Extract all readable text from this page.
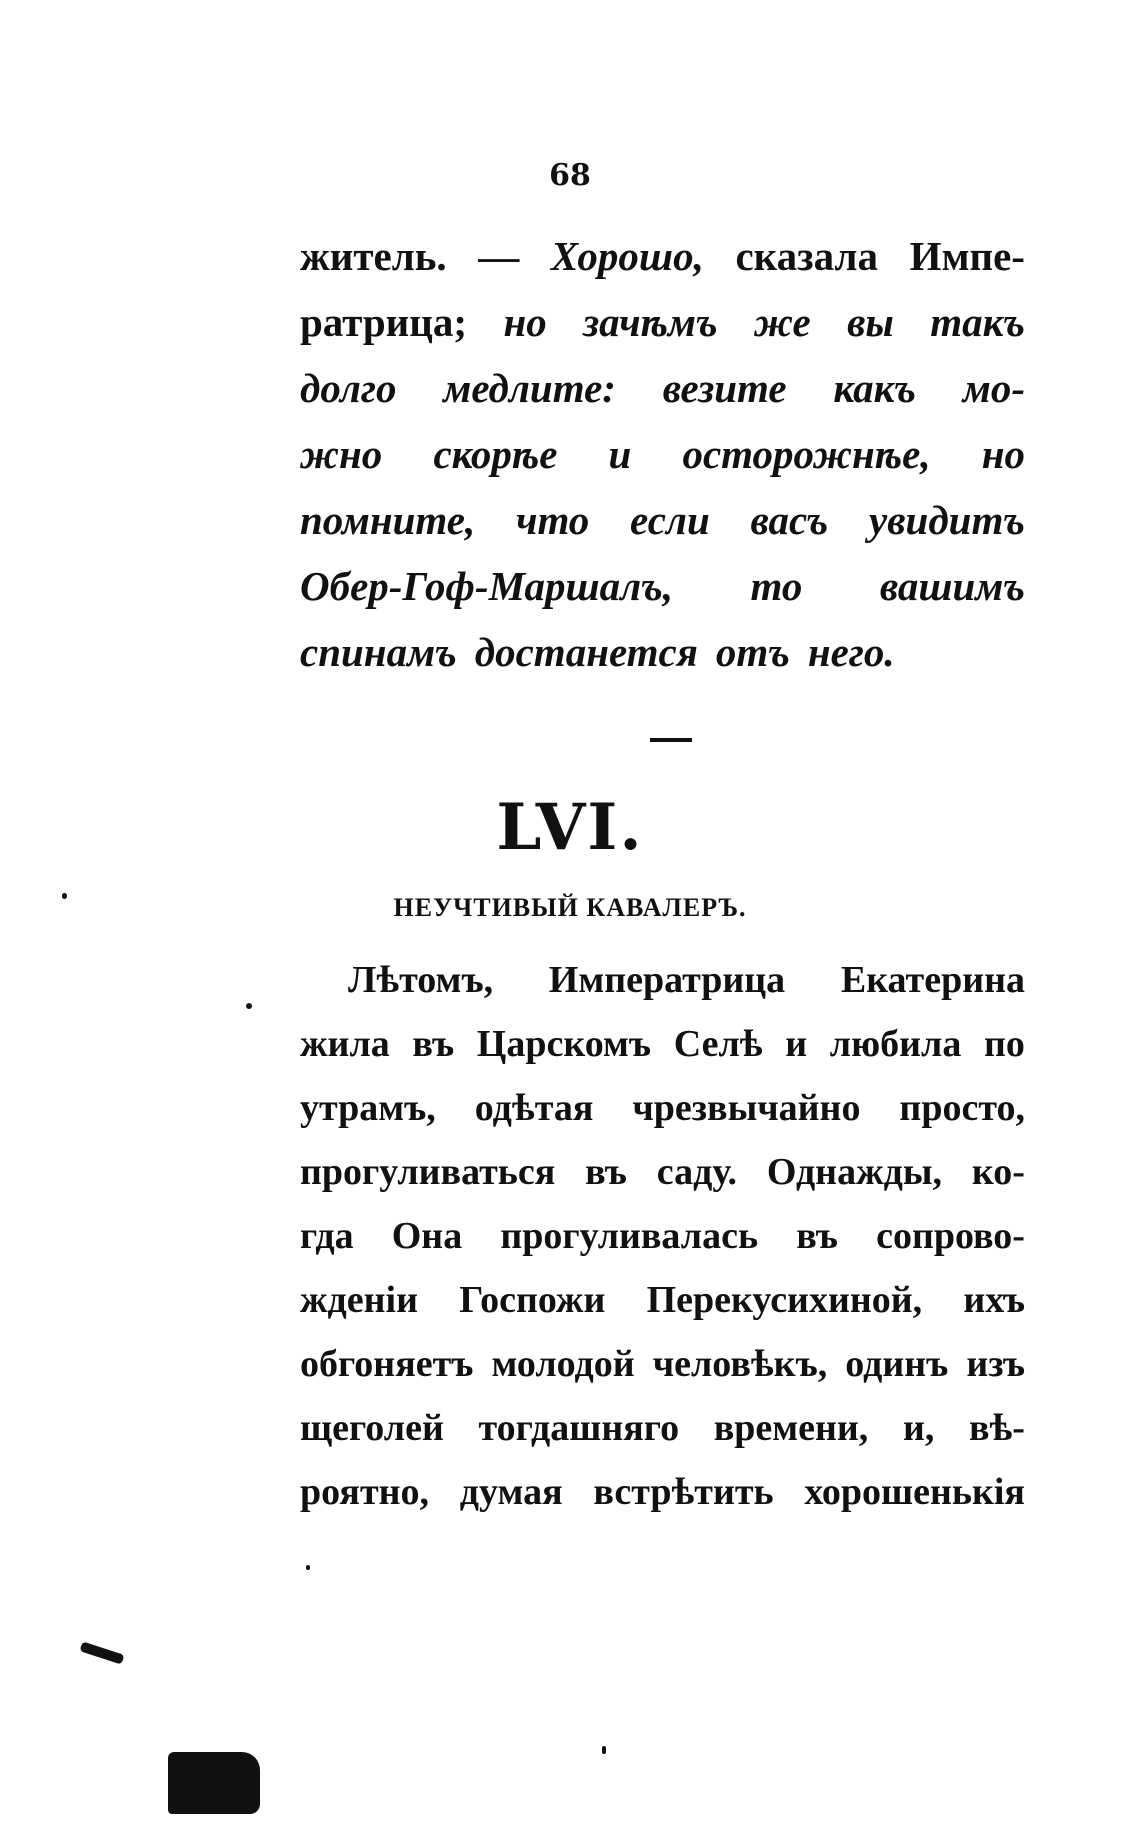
68
житель. — Хорошо, сказала Импе-
ратрица; но зачѣмъ же вы такъ
долго медлите: везите какъ мо-
жно скорѣе и осторожнѣе, но
помните, что если васъ увидитъ
Обер-Гоф-Маршалъ, то вашимъ
спинамъ достанется отъ него.
LVI.
НЕУЧТИВЫЙ КАВАЛЕРЪ.
Лѣтомъ, Императрица Екатерина
жила въ Царскомъ Селѣ и любила по
утрамъ, одѣтая чрезвычайно просто,
прогуливаться въ саду. Однажды, ко-
гда Она прогуливалась въ сопрово-
жденіи Госпожи Перекусихиной, ихъ
обгоняетъ молодой человѣкъ, одинъ изъ
щеголей тогдашняго времени, и, вѣ-
роятно, думая встрѣтить хорошенькія
